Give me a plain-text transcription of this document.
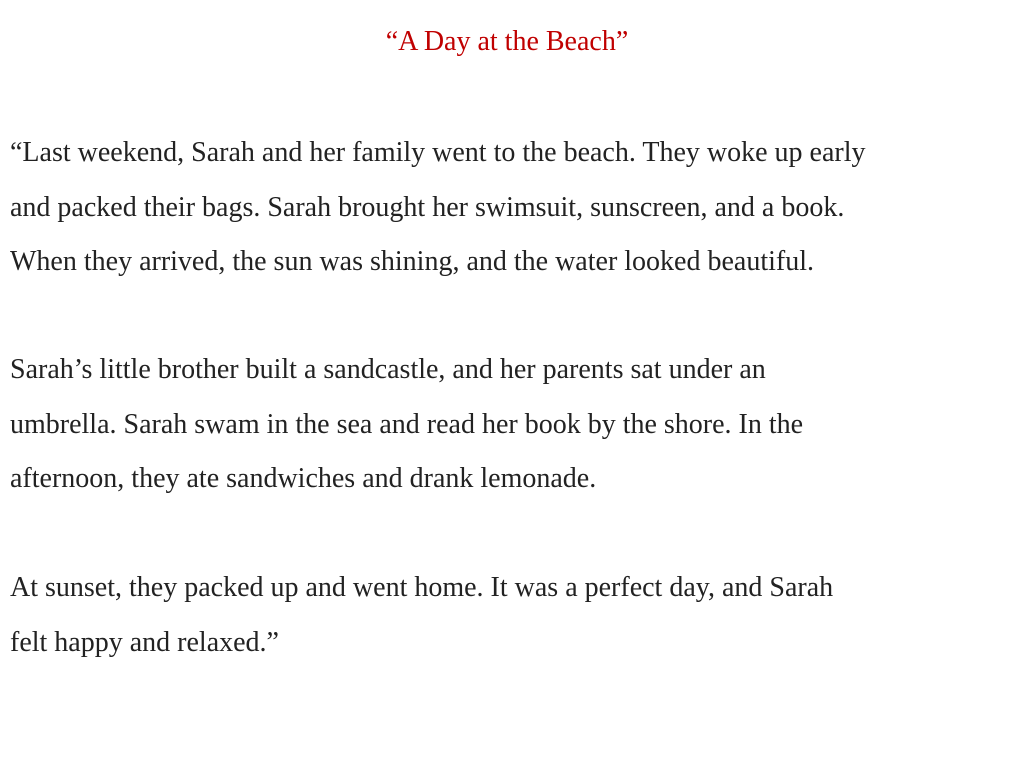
“A Day at the Beach”

“Last weekend, Sarah and her family went to the beach. They woke up early
and packed their bags. Sarah brought her swimsuit, sunscreen, and a book.
When they arrived, the sun was shining, and the water looked beautiful.

Sarah’s little brother built a sandcastle, and her parents sat under an
umbrella. Sarah swam in the sea and read her book by the shore. In the
afternoon, they ate sandwiches and drank lemonade.

At sunset, they packed up and went home. It was a perfect day, and Sarah
felt happy and relaxed.”
